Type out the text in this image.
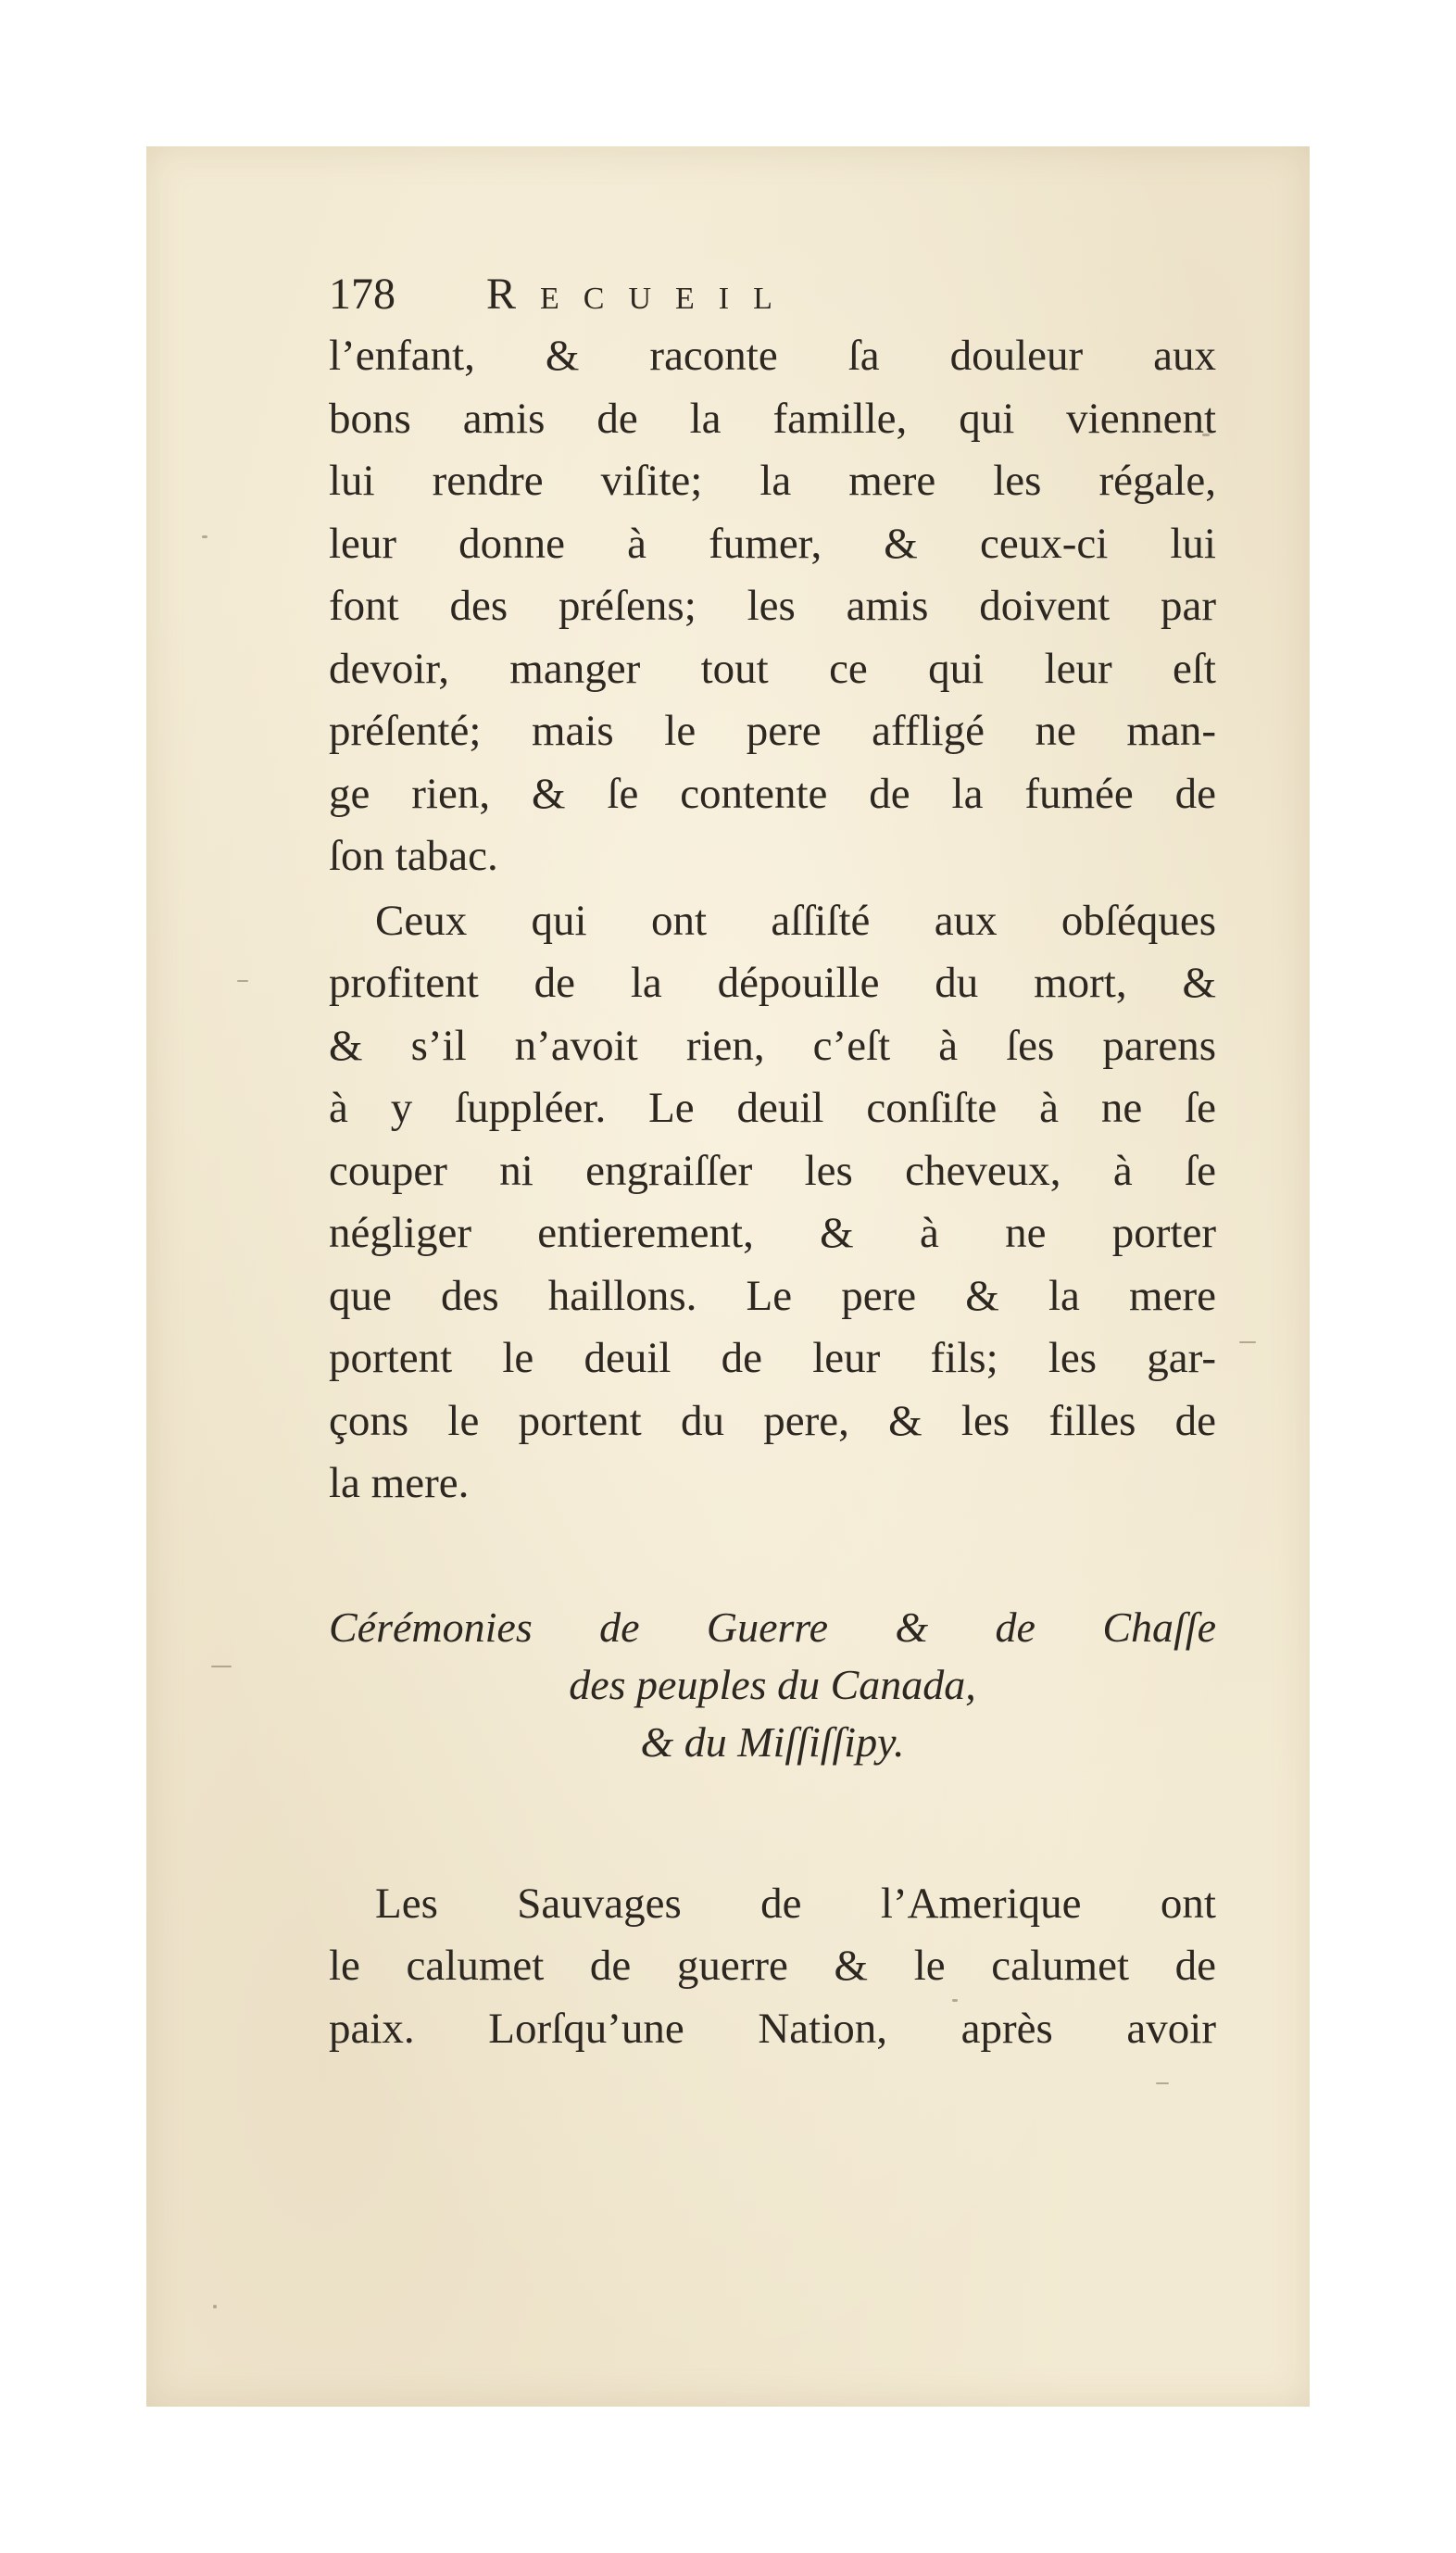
178 Recueil
l’enfant, & raconte ſa douleur aux
bons amis de la famille, qui viennent
lui rendre viſite; la mere les régale,
leur donne à fumer, & ceux-ci lui
font des préſens; les amis doivent par
devoir, manger tout ce qui leur eſt
préſenté; mais le pere affligé ne man-
ge rien, & ſe contente de la fumée de
ſon tabac.
Ceux qui ont aſſiſté aux obſéques
profitent de la dépouille du mort, &
& s’il n’avoit rien, c’eſt à ſes parens
à y ſuppléer. Le deuil conſiſte à ne ſe
couper ni engraiſſer les cheveux, à ſe
négliger entierement, & à ne porter
que des haillons. Le pere & la mere
portent le deuil de leur fils; les gar-
çons le portent du pere, & les filles de
la mere.
Cérémonies de Guerre & de Chaſſe
des peuples du Canada,
& du Miſſiſſipy.
Les Sauvages de l’Amerique ont
le calumet de guerre & le calumet de
paix. Lorſqu’une Nation, après avoir
